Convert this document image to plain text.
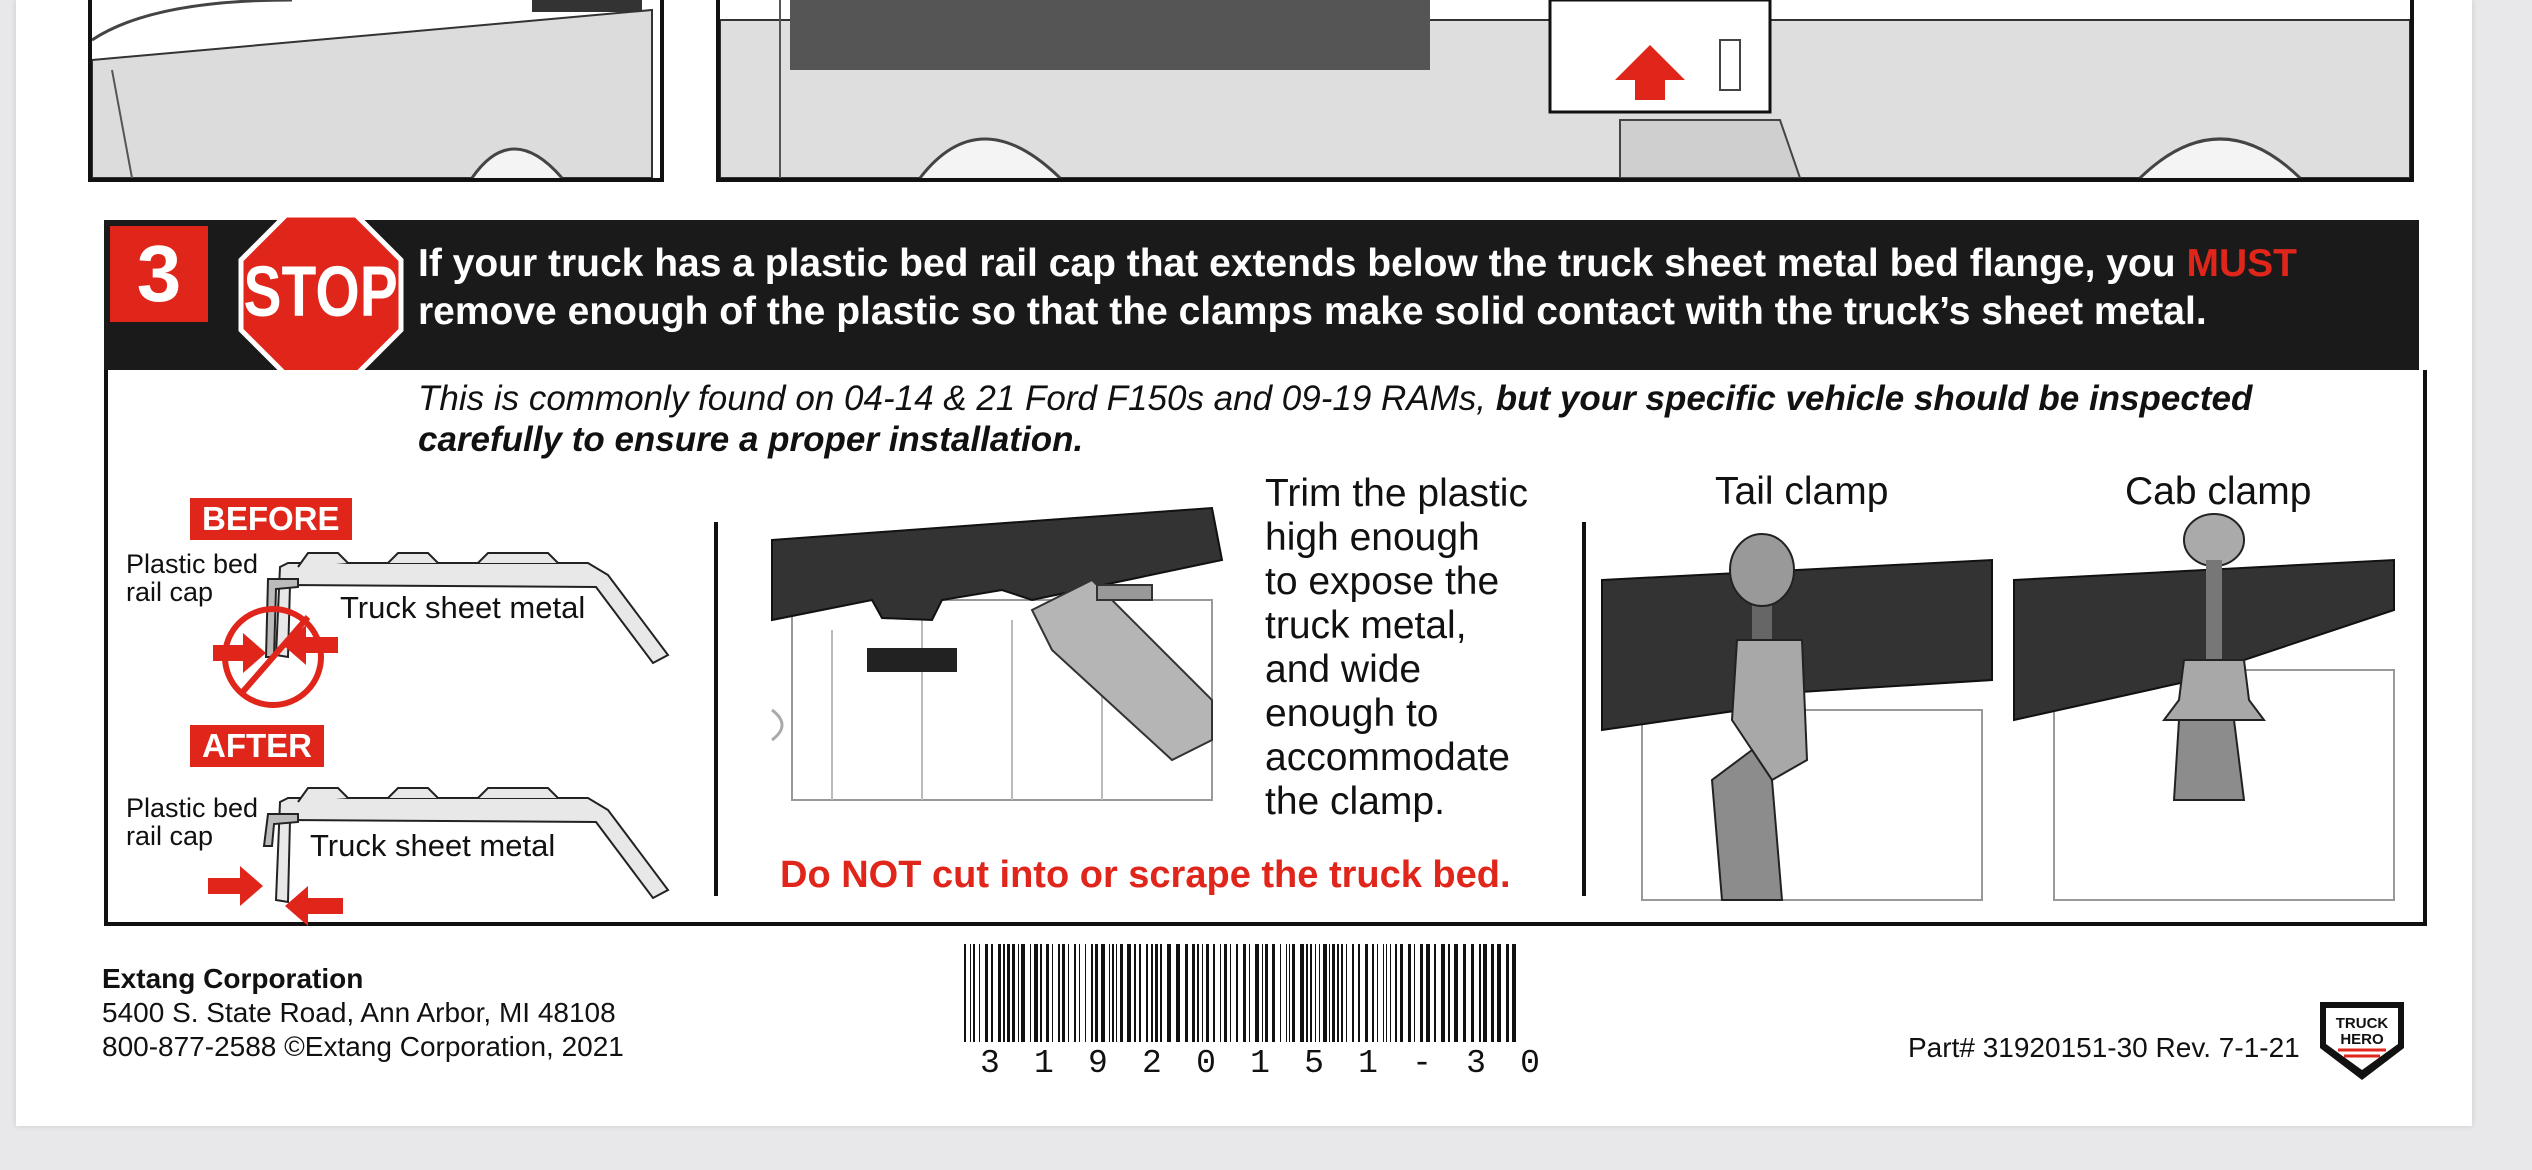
3	STOP If your truck has a plastic bed rail cap that extends below the truck sheet metal bed flange, you MUST
remove enough of the plastic so that the clamps make solid contact with the truck’s sheet metal.
This is commonly found on 04-14 & 21 Ford F150s and 09-19 RAMs, but your specific vehicle should be inspected carefully to ensure a proper installation.
BEFORE
Plastic bed
rail cap	Truck sheet metal
AFTER
Plastic bed
rail cap	Truck sheet metal
Trim the plastic
high enough
to expose the
truck metal,
and wide
enough to
accommodate
the clamp.
Do NOT cut into or scrape the truck bed.
Tail clamp	Cab clamp
Extang Corporation
5400 S. State Road, Ann Arbor, MI 48108
800-877-2588 ©Extang Corporation, 2021	3 1 9 2 0 1 5 1 - 3 0	Part# 31920151-30 Rev. 7-1-21
TRUCK
HERO
